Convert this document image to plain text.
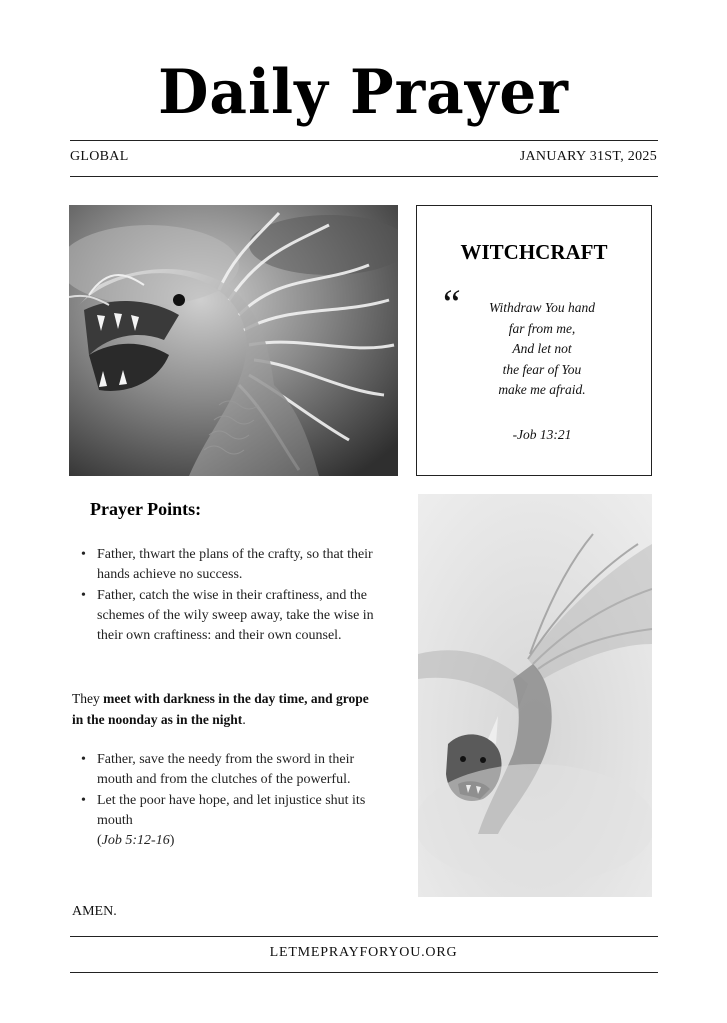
Daily Prayer
GLOBAL	JANUARY 31ST, 2025
WITCHCRAFT
“	Withdraw You hand
far from me,
And let not
the fear of You
make me afraid.
-Job 13:21
Prayer Points:
• Father, thwart the plans of the crafty, so that their hands achieve no success.
• Father, catch the wise in their craftiness, and the schemes of the wily sweep away, take the wise in their own craftiness: and their own counsel.
They meet with darkness in the day time, and grope in the noonday as in the night.
• Father, save the needy from the sword in their mouth and from the clutches of the powerful.
• Let the poor have hope, and let injustice shut its mouth
(Job 5:12-16)
AMEN.
LETMEPRAYFORYOU.ORG
